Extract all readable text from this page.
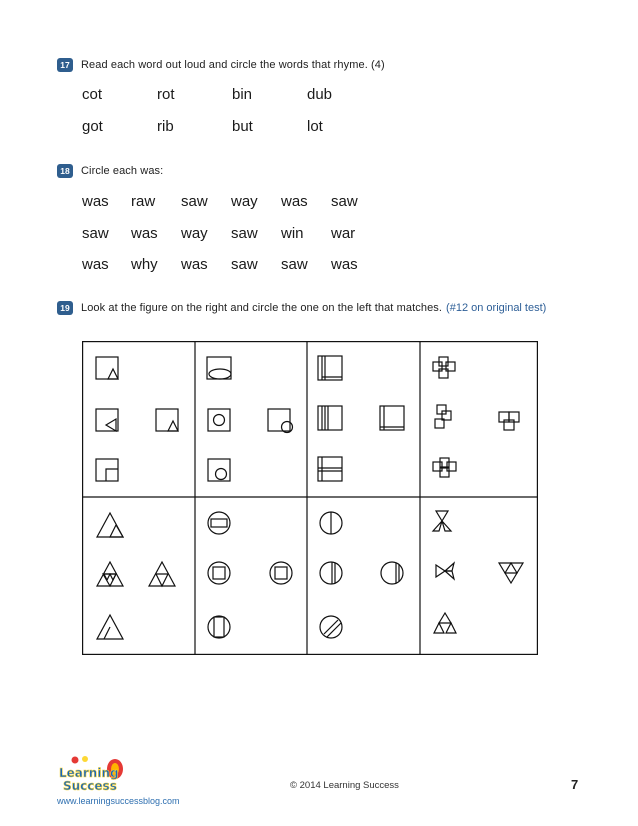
17 Read each word out loud and circle the words that rhyme. (4)
cot	rot	bin	dub
got	rib	but	lot
18 Circle each was:
was raw saw way was saw
saw was way saw win war
was why was saw saw was
19 Look at the figure on the right and circle the one on the left that matches. (#12 on original test)
Learning
Success	© 2014 Learning Success	7
www.learningsuccessblog.com
